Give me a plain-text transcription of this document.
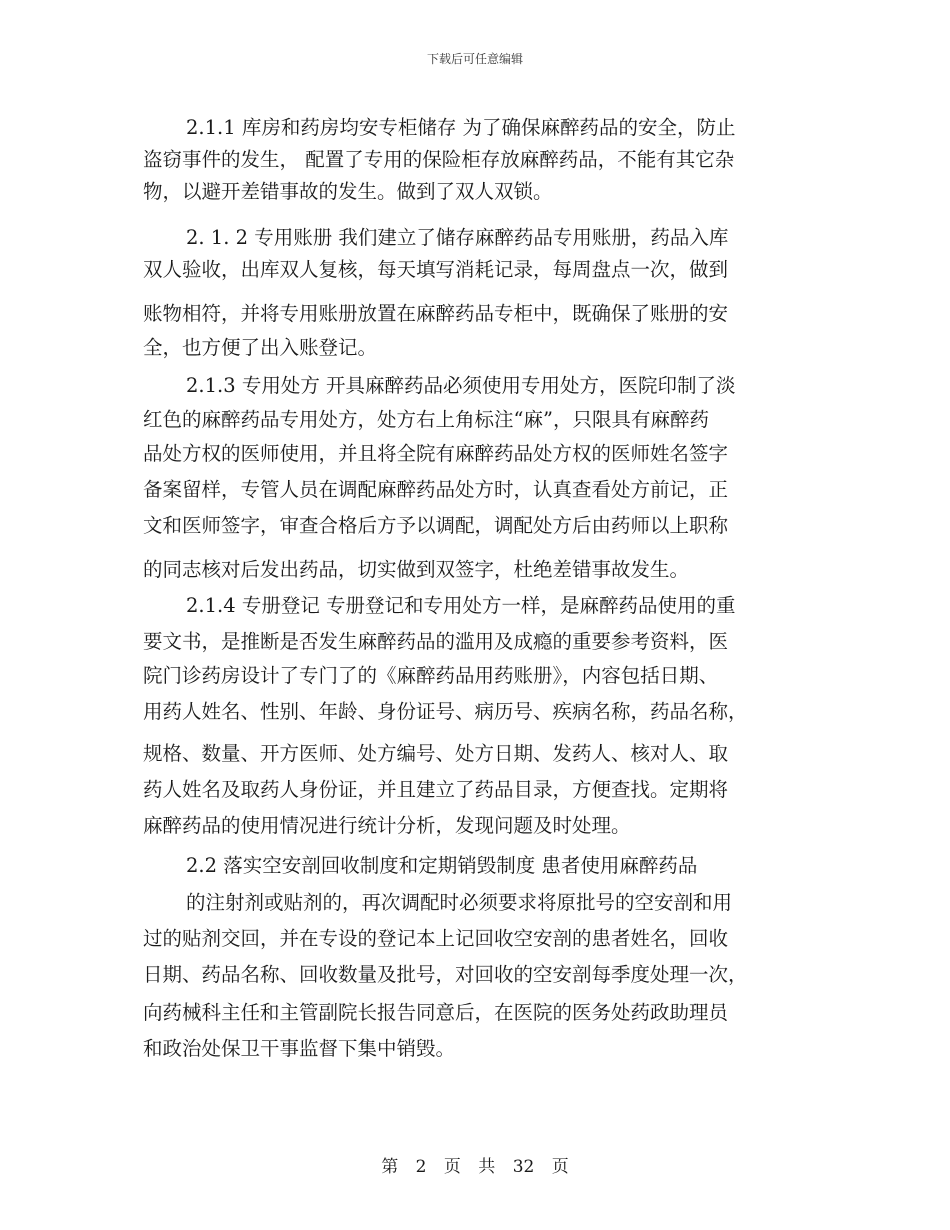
下载后可任意编辑
2.1.1 库房和药房均安专柜储存 为了确保麻醉药品的安全，防止
盗窃事件的发生， 配置了专用的保险柜存放麻醉药品，不能有其它杂
物，以避开差错事故的发生。做到了双人双锁。
2. 1. 2 专用账册 我们建立了储存麻醉药品专用账册，药品入库
双人验收，出库双人复核，每天填写消耗记录，每周盘点一次，做到
账物相符，并将专用账册放置在麻醉药品专柜中，既确保了账册的安
全，也方便了出入账登记。
2.1.3 专用处方 开具麻醉药品必须使用专用处方，医院印制了淡
红色的麻醉药品专用处方，处方右上角标注“麻”，只限具有麻醉药
品处方权的医师使用，并且将全院有麻醉药品处方权的医师姓名签字
备案留样，专管人员在调配麻醉药品处方时，认真查看处方前记，正
文和医师签字，审查合格后方予以调配，调配处方后由药师以上职称
的同志核对后发出药品，切实做到双签字，杜绝差错事故发生。
2.1.4 专册登记 专册登记和专用处方一样，是麻醉药品使用的重
要文书，是推断是否发生麻醉药品的滥用及成瘾的重要参考资料，医
院门诊药房设计了专门了的《麻醉药品用药账册》，内容包括日期、
用药人姓名、性别、年龄、身份证号、病历号、疾病名称，药品名称，
规格、数量、开方医师、处方编号、处方日期、发药人、核对人、取
药人姓名及取药人身份证，并且建立了药品目录，方便查找。定期将
麻醉药品的使用情况进行统计分析，发现问题及时处理。
2.2 落实空安剖回收制度和定期销毁制度 患者使用麻醉药品
的注射剂或贴剂的，再次调配时必须要求将原批号的空安剖和用
过的贴剂交回，并在专设的登记本上记回收空安剖的患者姓名，回收
日期、药品名称、回收数量及批号，对回收的空安剖每季度处理一次，
向药械科主任和主管副院长报告同意后，在医院的医务处药政助理员
和政治处保卫干事监督下集中销毁。
第 2 页 共 32 页
